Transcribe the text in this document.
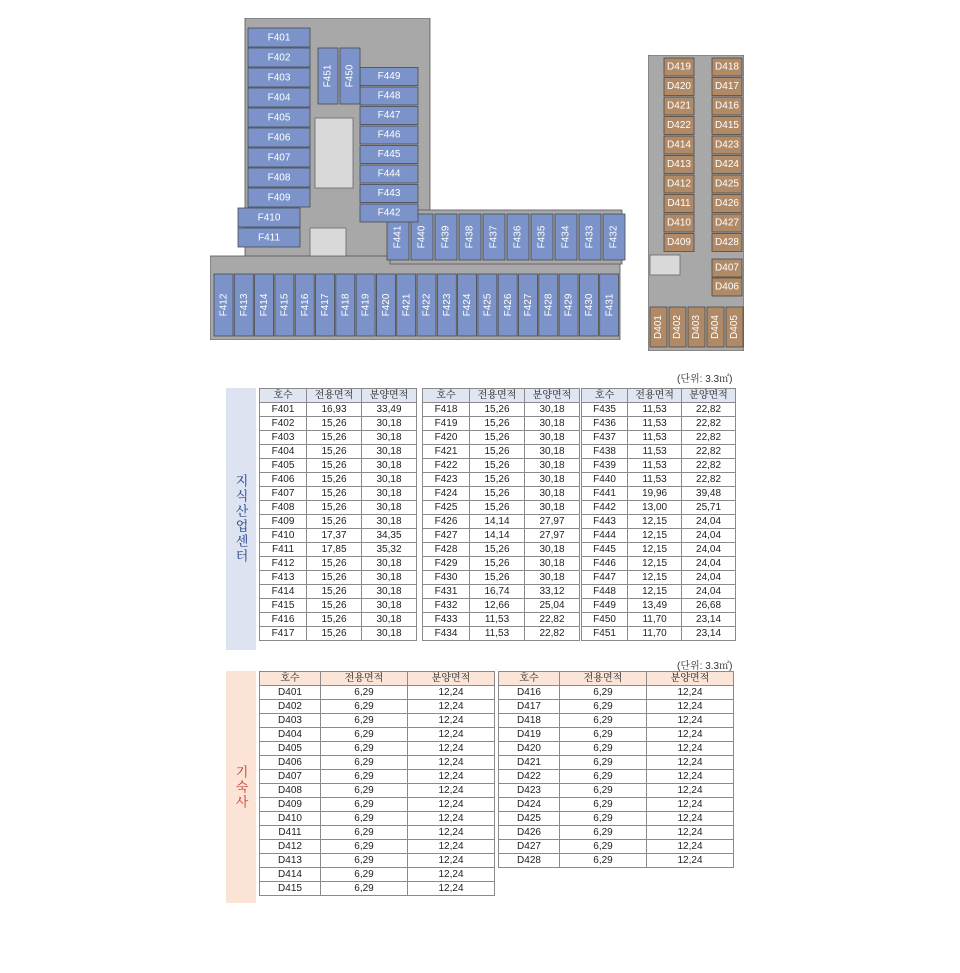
F401
F402
F403
F404
F405
F406
F407
F408
F409
F410
F411
F412 F413 F414 F415 F416 F417 F418 F419 F420 F421 F422 F423 F424 F425 F426 F427 F428 F429 F430 F431
F432
F433
F434
F435
F436
F437
F438
F439
F440
F441
F442
F443
F444
F445
F446
F447
F448
F449
F451 F450	D419 D418
D420 D417
D421 D416
D422 D415
D414 D423
D413 D424
D412 D425
D411 D426
D410 D427
D409 D428
D407
D406
D401 D402 D403 D404 D405
(단위: 3.3㎡)
지식산업센터
호수	전용면적	분양면적
F401	16,93	33,49
F402	15,26	30,18
F403	15,26	30,18
F404	15,26	30,18
F405	15,26	30,18
F406	15,26	30,18
F407	15,26	30,18
F408	15,26	30,18
F409	15,26	30,18
F410	17,37	34,35
F411	17,85	35,32
F412	15,26	30,18
F413	15,26	30,18
F414	15,26	30,18
F415	15,26	30,18
F416	15,26	30,18
F417	15,26	30,18
호수	전용면적	분양면적
F418	15,26	30,18
F419	15,26	30,18
F420	15,26	30,18
F421	15,26	30,18
F422	15,26	30,18
F423	15,26	30,18
F424	15,26	30,18
F425	15,26	30,18
F426	14,14	27,97
F427	14,14	27,97
F428	15,26	30,18
F429	15,26	30,18
F430	15,26	30,18
F431	16,74	33,12
F432	12,66	25,04
F433	11,53	22,82
F434	11,53	22,82
호수	전용면적	분양면적
F435	11,53	22,82
F436	11,53	22,82
F437	11,53	22,82
F438	11,53	22,82
F439	11,53	22,82
F440	11,53	22,82
F441	19,96	39,48
F442	13,00	25,71
F443	12,15	24,04
F444	12,15	24,04
F445	12,15	24,04
F446	12,15	24,04
F447	12,15	24,04
F448	12,15	24,04
F449	13,49	26,68
F450	11,70	23,14
F451	11,70	23,14
(단위: 3.3㎡)
기숙사
호수	전용면적	분양면적
D401	6,29	12,24
D402	6,29	12,24
D403	6,29	12,24
D404	6,29	12,24
D405	6,29	12,24
D406	6,29	12,24
D407	6,29	12,24
D408	6,29	12,24
D409	6,29	12,24
D410	6,29	12,24
D411	6,29	12,24
D412	6,29	12,24
D413	6,29	12,24
D414	6,29	12,24
D415	6,29	12,24
호수	전용면적	분양면적
D416	6,29	12,24
D417	6,29	12,24
D418	6,29	12,24
D419	6,29	12,24
D420	6,29	12,24
D421	6,29	12,24
D422	6,29	12,24
D423	6,29	12,24
D424	6,29	12,24
D425	6,29	12,24
D426	6,29	12,24
D427	6,29	12,24
D428	6,29	12,24
